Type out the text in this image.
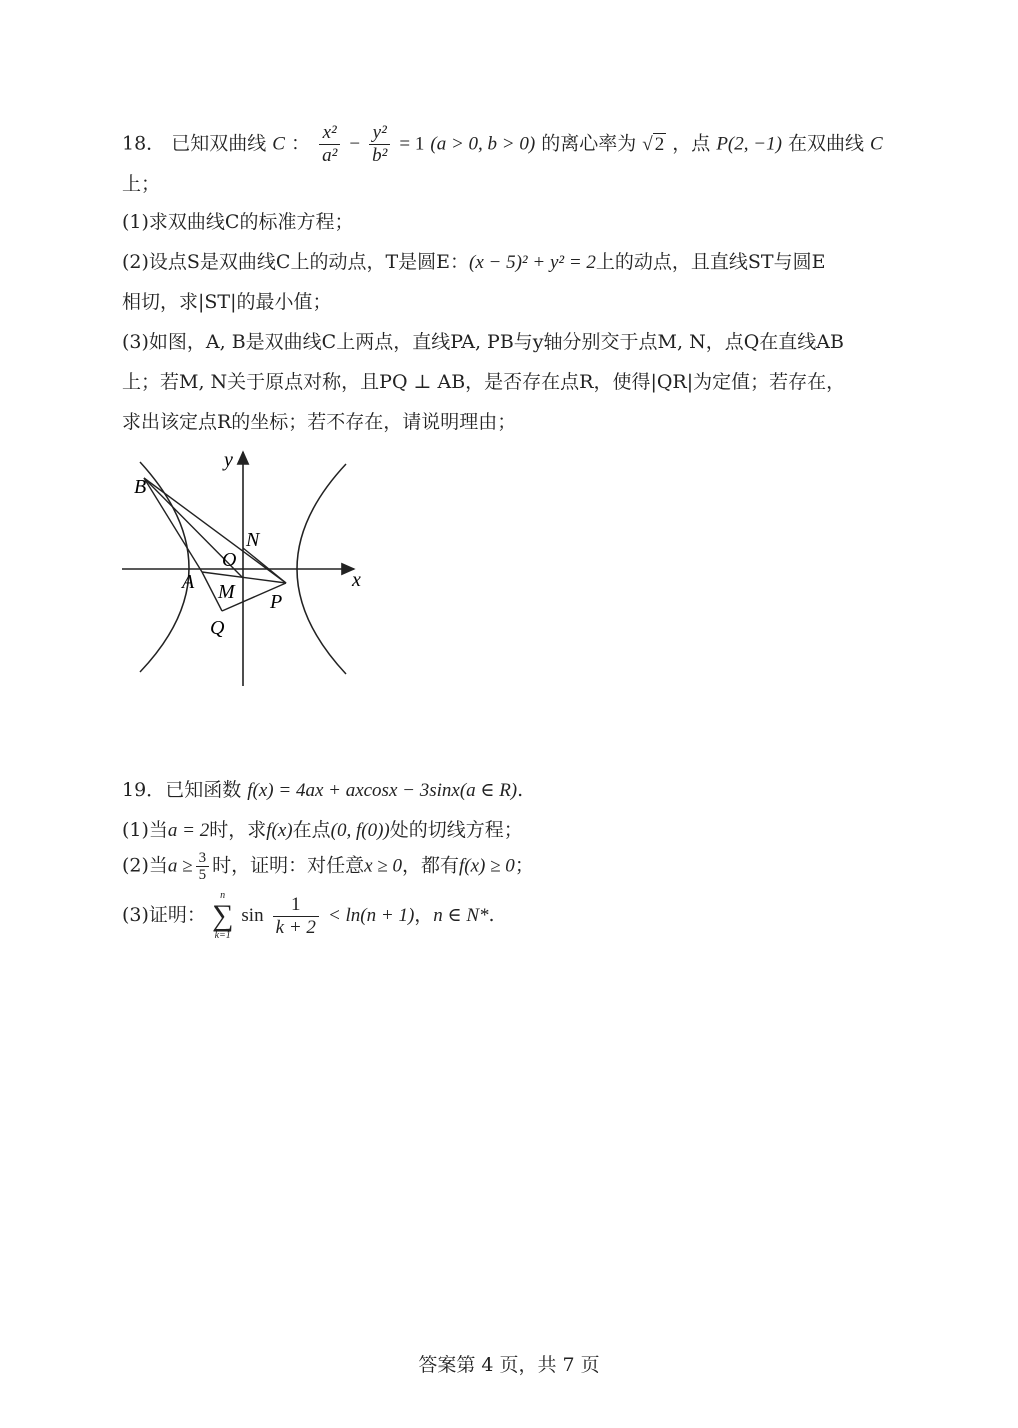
18． 已知双曲线 C ： $\frac{\text{x²}}{\text{a²}} - \frac{\text{y²}}{\text{b²}} = 1$ (a > 0, b > 0) 的离心率为 √ 2 ，点 P(2, −1) 在双曲线 C
上；
(1)求双曲线C的标准方程；
(2)设点S是双曲线C上的动点，T是圆E：(x − 5)² + y² = 2上的动点，且直线ST与圆E
相切，求|ST|的最小值；
(3)如图，A, B是双曲线C上两点，直线PA, PB与y轴分别交于点M, N，点Q在直线AB
上；若M, N关于原点对称，且PQ ⊥ AB，是否存在点R，使得|QR|为定值；若存在，
求出该定点R的坐标；若不存在，请说明理由；
y
x
B
N
O
A M P
Q
19．已知函数 f(x) = 4ax + axcosx − 3sinx(a ∈ R).
(1)当a = 2时，求f(x)在点(0, f(0))处的切线方程；
(2)当$a \ge \frac{3}{5}$ 时，证明：对任意x ≥ 0，都有f(x) ≥ 0；
(3)证明：
n
∑
k=1
$\sin \frac{1}{k + 2} < \ln(n + 1)$，n ∈ N*.
答案第 4 页，共 7 页
